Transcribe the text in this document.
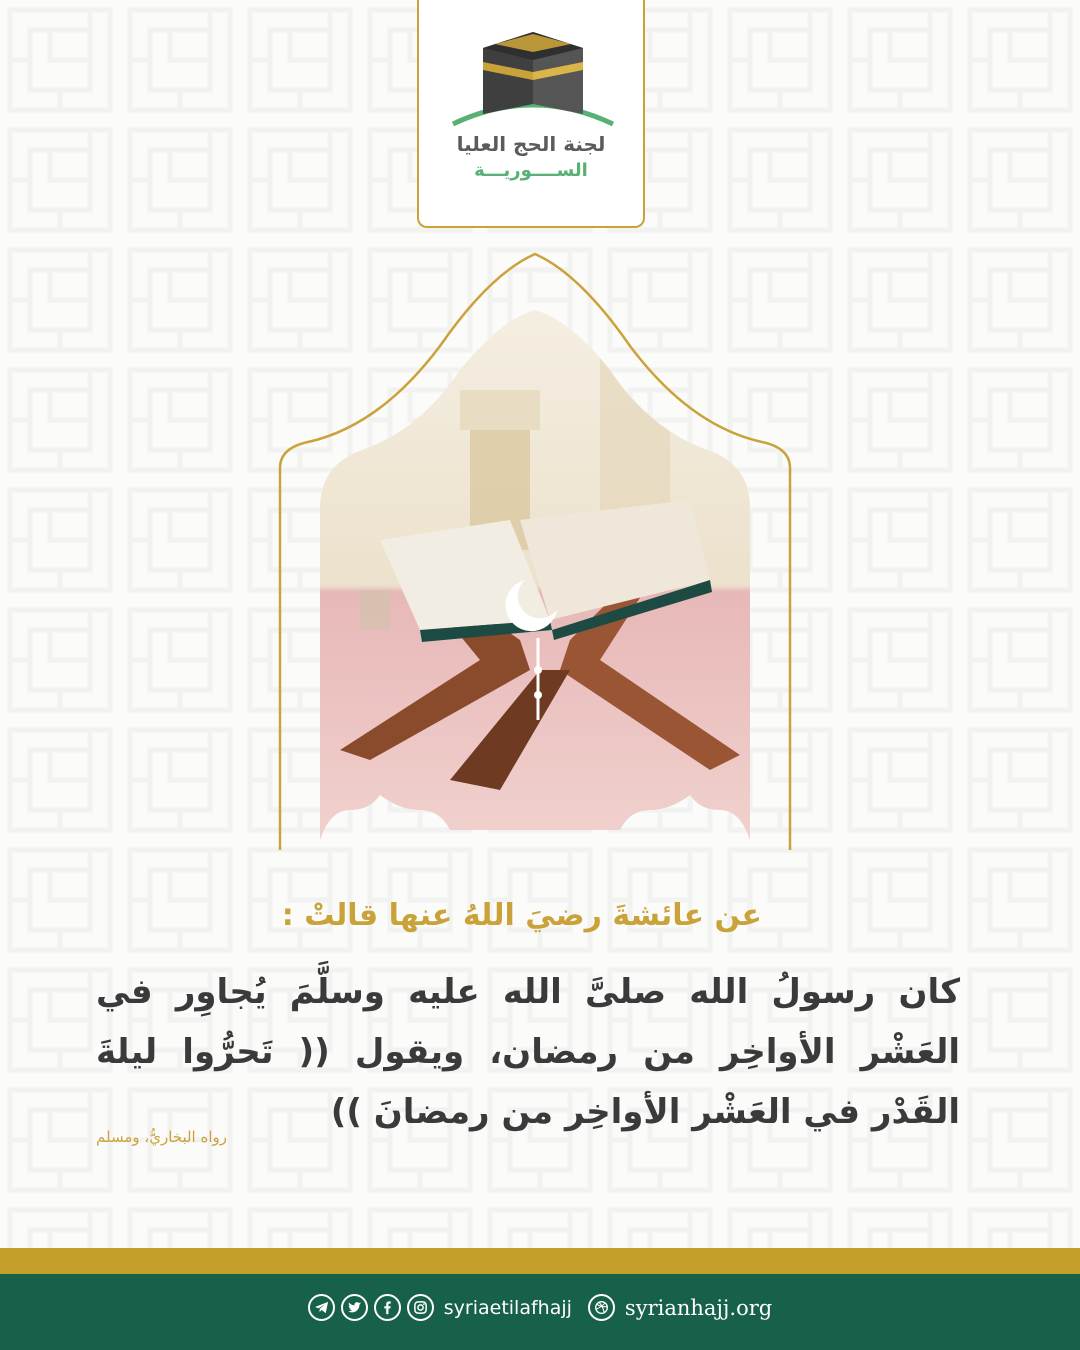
لجنة الحج العليا
الســــوريـــة
عن عائشةَ رضيَ اللهُ عنها قالتْ :
كان رسولُ الله صلىَّ الله عليه وسلَّمَ يُجاوِر في العَشْر الأواخِر من رمضان، ويقول (( تَحرُّوا ليلةَ القَدْر في العَشْر الأواخِر من رمضانَ ))
رواه البخاريُّ، ومسلم
syriaetilafhajj	syrianhajj.org
